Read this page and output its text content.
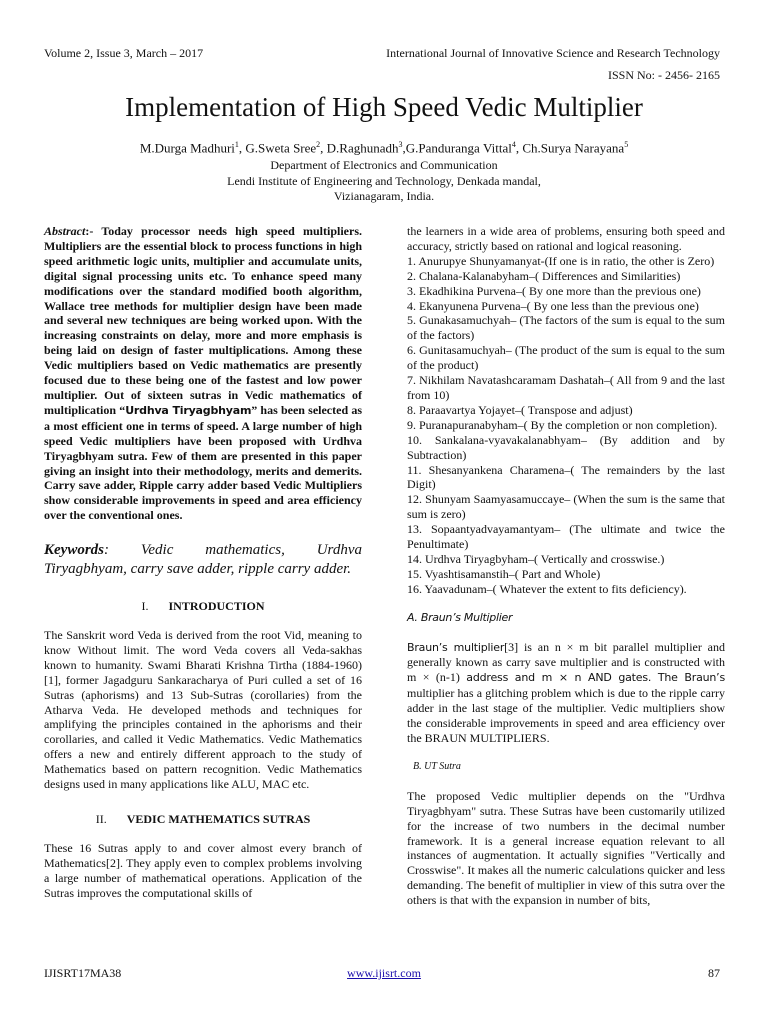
Volume 2, Issue 3, March – 2017	International Journal of Innovative Science and Research Technology
ISSN No: - 2456- 2165
Implementation of High Speed Vedic Multiplier
M.Durga Madhuri$^1$, G.Sweta Sree$^2$, D.Raghunadh$^3$,G.Pandurangа Vittal$^4$, Ch.Surya Narayana$^5$
Department of Electronics and Communication
Lendi Institute of Engineering and Technology, Denkada mandal,
Vizianagaram, India.

Abstract:- Today processor needs high speed multipliers. Multipliers are the essential block to process functions in high speed arithmetic logic units, multiplier and accumulate units, digital signal processing units etc. To enhance speed many modifications over the standard modified booth algorithm, Wallace tree methods for multiplier design have been made and several new techniques are being worked upon. With the increasing constraints on delay, more and more emphasis is being laid on design of faster multiplications. Among these Vedic multipliers based on Vedic mathematics are presently focused due to these being one of the fastest and low power multiplier. Out of sixteen sutras in Vedic mathematics of multiplication “Urdhva Tiryagbhyam” has been selected as a most efficient one in terms of speed. A large number of high speed Vedic multipliers have been proposed with Urdhva Tiryagbhyam sutra. Few of them are presented in this paper giving an insight into their methodology, merits and demerits. Carry save adder, Ripple carry adder based Vedic Multipliers show considerable improvements in speed and area efficiency over the conventional ones.

Keywords: Vedic mathematics, Urdhva Tiryagbhyam, carry save adder, ripple carry adder.

I. INTRODUCTION

The Sanskrit word Veda is derived from the root Vid, meaning to know Without limit. The word Veda covers all Veda-sakhas known to humanity. Swami Bharati Krishna Tirtha (1884-1960)[1], former Jagadguru Sankaracharya of Puri culled a set of 16 Sutras (aphorisms) and 13 Sub-Sutras (corollaries) from the Atharva Veda. He developed methods and techniques for amplifying the principles contained in the aphorisms and their corollaries, and called it Vedic Mathematics. Vedic Mathematics offers a new and entirely different approach to the study of Mathematics based on pattern recognition. Vedic Mathematics designs used in many applications like ALU, MAC etc.

II. VEDIC MATHEMATICS SUTRAS

These 16 Sutras apply to and cover almost every branch of Mathematics[2]. They apply even to complex problems involving a large number of mathematical operations. Application of the Sutras improves the computational skills of

the learners in a wide area of problems, ensuring both speed and accuracy, strictly based on rational and logical reasoning.

1. Anurupye Shunyamanyat-(If one is in ratio, the other is Zero)

2. Chalana-Kalanabyham–( Differences and Similarities)

3. Ekadhikina Purvena–( By one more than the previous one)

4. Ekanyunena Purvena–( By one less than the previous one)

5. Gunakasamuchyah– (The factors of the sum is equal to the sum of the factors)

6. Gunitasamuchyah– (The product of the sum is equal to the sum of the product)

7. Nikhilam Navatashcaramam Dashatah–( All from 9 and the last from 10)

8. Paraavartya Yojayet–( Transpose and adjust)

9. Puranapuranabyham–( By the completion or non completion).

10. Sankalana-vyavakalanabhyam– (By addition and by Subtraction)

11. Shesanyankena Charamena–( The remainders by the last Digit)

12. Shunyam Saamyasamuccaye– (When the sum is the same that sum is zero)

13. Sopaantyadvayamantyam– (The ultimate and twice the Penultimate)

14. Urdhva Tiryagbyham–( Vertically and crosswise.)

15. Vyashtisamanstih–( Part and Whole)

16. Yaavadunam–( Whatever the extent to fits deficiency).

A. Braun’s Multiplier

Braun’s multiplier[3] is an n × m bit parallel multiplier and generally known as carry save multiplier and is constructed with m × (n-1) address and m × n AND gates. The Braun’s multiplier has a glitching problem which is due to the ripple carry adder in the last stage of the multiplier. Vedic multipliers show the considerable improvements in speed and area efficiency over the BRAUN MULTIPLIERS.

B. UT Sutra

The proposed Vedic multiplier depends on the "Urdhva Tiryagbhyam" sutra. These Sutras have been customarily utilized for the increase of two numbers in the decimal number framework. It is a general increase equation relevant to all instances of augmentation. It actually signifies "Vertically and Crosswise". It makes all the numeric calculations quicker and less demanding. The benefit of multiplier in view of this sutra over the others is that with the expansion in number of bits,

IJISRT17MA38	www.ijisrt.com	87
